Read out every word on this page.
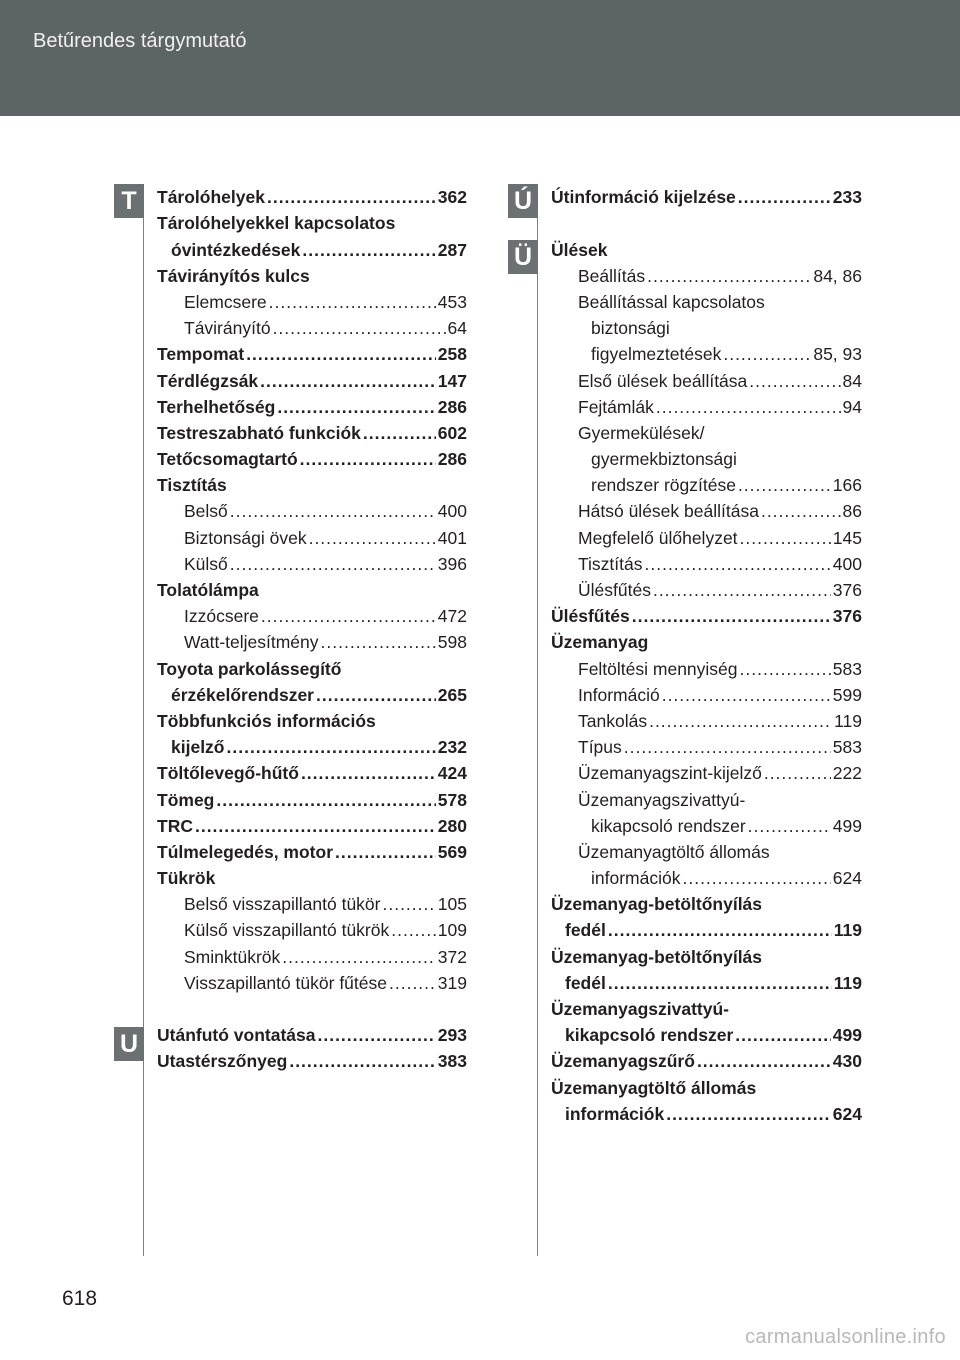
Betűrendes tárgymutató
T
U
Ú
Ü
Tárolóhelyek .....	362
Tárolóhelyekkel kapcsolatos
óvintézkedések .....	287
Távirányítós kulcs
Elemcsere .....	453
Távirányító .....	64
Tempomat .....	258
Térdlégzsák .....	147
Terhelhetőség .....	286
Testreszabható funkciók .....	602
Tetőcsomagtartó .....	286
Tisztítás
Belső .....	400
Biztonsági övek .....	401
Külső .....	396
Tolatólámpa
Izzócsere .....	472
Watt-teljesítmény .....	598
Toyota parkolássegítő
érzékelőrendszer .....	265
Többfunkciós információs
kijelző .....	232
Töltőlevegő-hűtő .....	424
Tömeg .....	578
TRC .....	280
Túlmelegedés, motor .....	569
Tükrök
Belső visszapillantó tükör .....	105
Külső visszapillantó tükrök .....	109
Sminktükrök .....	372
Visszapillantó tükör fűtése .....	319
Utánfutó vontatása .....	293
Utastérszőnyeg .....	383
Útinformáció kijelzése .....	233
Ülések
Beállítás .....	84, 86
Beállítással kapcsolatos
biztonsági
figyelmeztetések .....	85, 93
Első ülések beállítása .....	84
Fejtámlák .....	94
Gyermekülések/
gyermekbiztonsági
rendszer rögzítése .....	166
Hátsó ülések beállítása .....	86
Megfelelő ülőhelyzet .....	145
Tisztítás .....	400
Ülésfűtés .....	376
Ülésfűtés .....	376
Üzemanyag
Feltöltési mennyiség .....	583
Információ .....	599
Tankolás .....	119
Típus .....	583
Üzemanyagszint-kijelző .....	222
Üzemanyagszivattyú-
kikapcsoló rendszer .....	499
Üzemanyagtöltő állomás
információk .....	624
Üzemanyag-betöltőnyílás
fedél .....	119
Üzemanyag-betöltőnyílás
fedél .....	119
Üzemanyagszivattyú-
kikapcsoló rendszer .....	499
Üzemanyagszűrő .....	430
Üzemanyagtöltő állomás
információk .....	624
618
carmanualsonline.info
